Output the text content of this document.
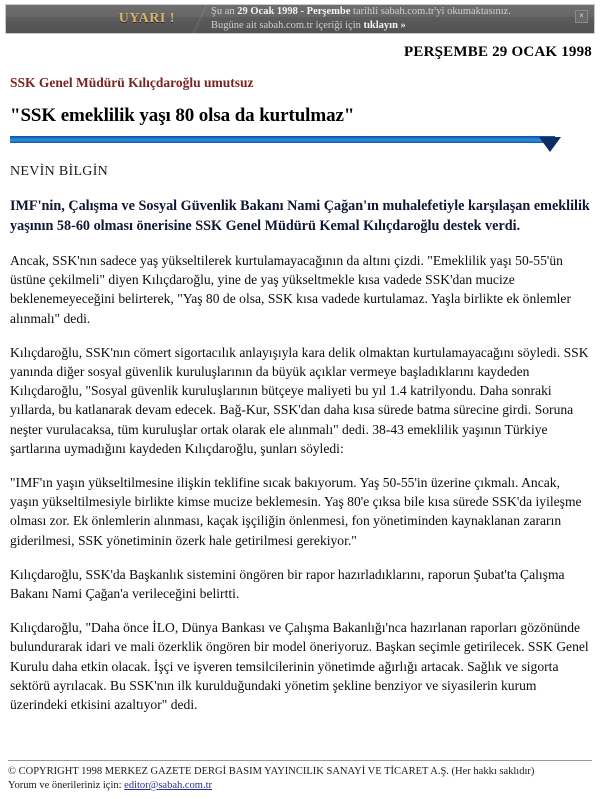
UYARI !	Şu an 29 Ocak 1998 - Perşembe tarihli sabah.com.tr'yi okumaktasınız.
Bugüne ait sabah.com.tr içeriği için tıklayın »
×
PERŞEMBE 29 OCAK 1998
SSK Genel Müdürü Kılıçdaroğlu umutsuz
"SSK emeklilik yaşı 80 olsa da kurtulmaz"
NEVİN BİLGİN
IMF'nin, Çalışma ve Sosyal Güvenlik Bakanı Nami Çağan'ın muhalefetiyle karşılaşan emeklilik yaşının 58-60 olması önerisine SSK Genel Müdürü Kemal Kılıçdaroğlu destek verdi.
Ancak, SSK'nın sadece yaş yükseltilerek kurtulamayacağının da altını çizdi. "Emeklilik yaşı 50-55'ün üstüne çekilmeli" diyen Kılıçdaroğlu, yine de yaş yükseltmekle kısa vadede SSK'dan mucize beklenemeyeceğini belirterek, "Yaş 80 de olsa, SSK kısa vadede kurtulamaz. Yaşla birlikte ek önlemler alınmalı" dedi.
Kılıçdaroğlu, SSK'nın cömert sigortacılık anlayışıyla kara delik olmaktan kurtulamayacağını söyledi. SSK yanında diğer sosyal güvenlik kuruluşlarının da büyük açıklar vermeye başladıklarını kaydeden Kılıçdaroğlu, "Sosyal güvenlik kuruluşlarının bütçeye maliyeti bu yıl 1.4 katrilyondu. Daha sonraki yıllarda, bu katlanarak devam edecek. Bağ-Kur, SSK'dan daha kısa sürede batma sürecine girdi. Soruna neşter vurulacaksa, tüm kuruluşlar ortak olarak ele alınmalı" dedi. 38-43 emeklilik yaşının Türkiye şartlarına uymadığını kaydeden Kılıçdaroğlu, şunları söyledi:
"IMF'ın yaşın yükseltilmesine ilişkin teklifine sıcak bakıyorum. Yaş 50-55'in üzerine çıkmalı. Ancak, yaşın yükseltilmesiyle birlikte kimse mucize beklemesin. Yaş 80'e çıksa bile kısa sürede SSK'da iyileşme olması zor. Ek önlemlerin alınması, kaçak işçiliğin önlenmesi, fon yönetiminden kaynaklanan zararın giderilmesi, SSK yönetiminin özerk hale getirilmesi gerekiyor."
Kılıçdaroğlu, SSK'da Başkanlık sistemini öngören bir rapor hazırladıklarını, raporun Şubat'ta Çalışma Bakanı Nami Çağan'a verileceğini belirtti.
Kılıçdaroğlu, "Daha önce İLO, Dünya Bankası ve Çalışma Bakanlığı'nca hazırlanan raporları gözönünde bulundurarak idari ve mali özerklik öngören bir model öneriyoruz. Başkan seçimle getirilecek. SSK Genel Kurulu daha etkin olacak. İşçi ve işveren temsilcilerinin yönetimde ağırlığı artacak. Sağlık ve sigorta sektörü ayrılacak. Bu SSK'nın ilk kurulduğundaki yönetim şekline benziyor ve siyasilerin kurum üzerindeki etkisini azaltıyor" dedi.
© COPYRIGHT 1998 MERKEZ GAZETE DERGİ BASIM YAYINCILIK SANAYİ VE TİCARET A.Ş. (Her hakkı saklıdır)
Yorum ve önerileriniz için: editor@sabah.com.tr
